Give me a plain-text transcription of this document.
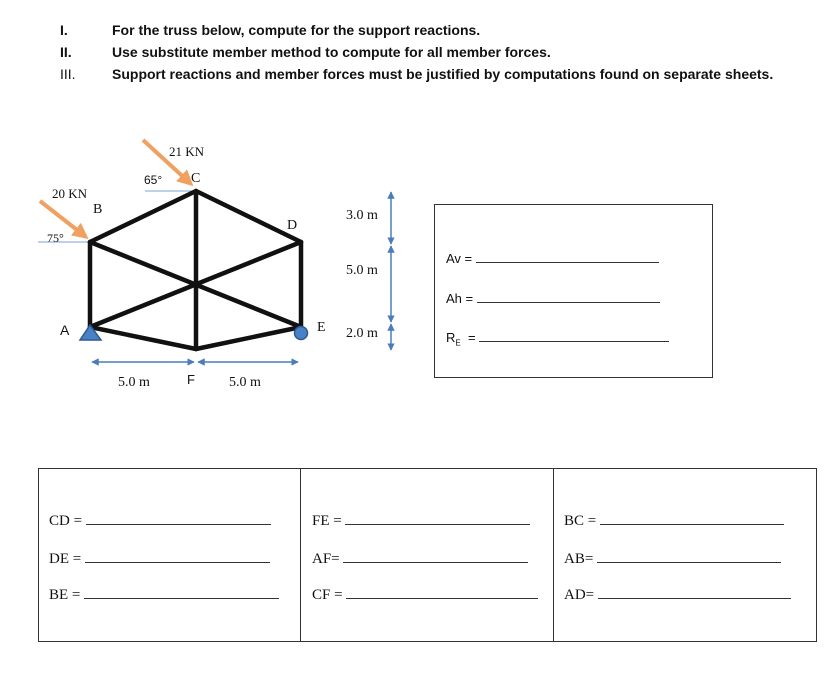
I.	For the truss below, compute for the support reactions.
II.	Use substitute member method to compute for all member forces.
III.	Support reactions and member forces must be justified by computations found on separate sheets.
A
B
C
D
E
F
20 KN
75°
21 KN
65°
5.0 m	5.0 m
3.0 m
5.0 m
2.0 m
Av =
Ah =
$R_E$  =
CD =
DE =
BE =
FE =
AF=
CF =
BC =
AB=
AD=
